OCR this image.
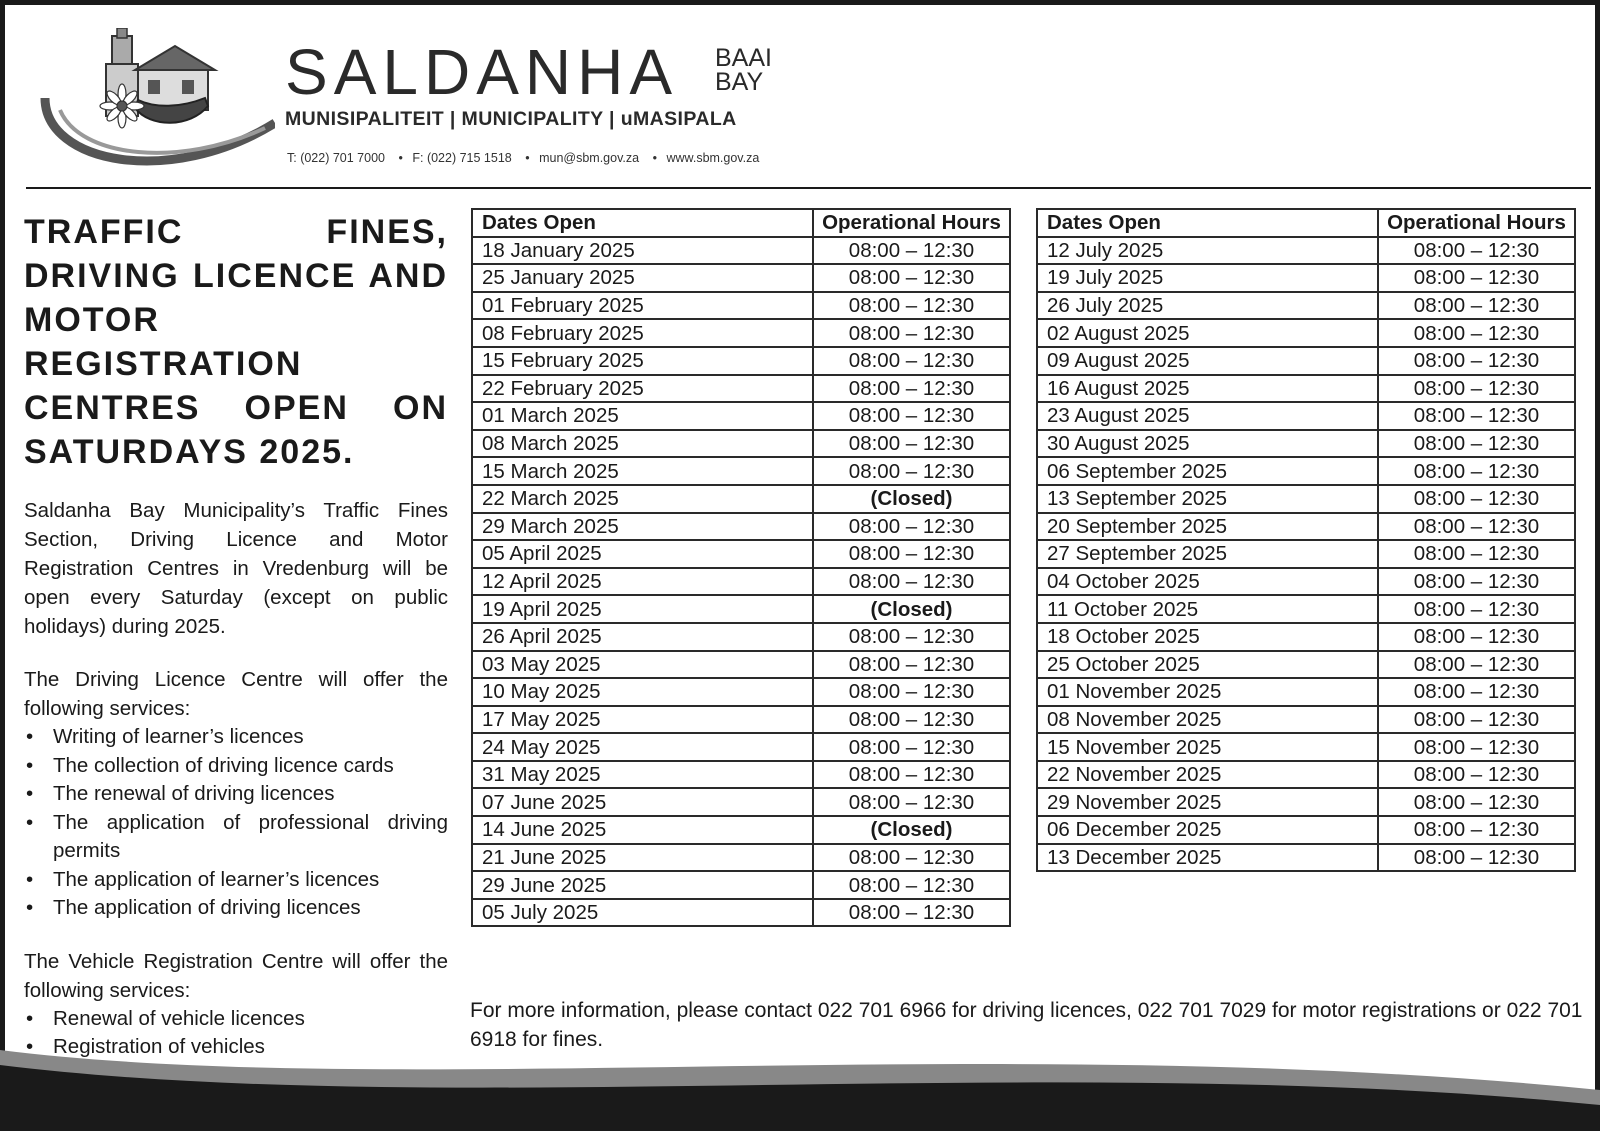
SALDANHA BAAI
BAY
MUNISIPALITEIT | MUNICIPALITY | uMASIPALA
T: (022) 701 7000 • F: (022) 715 1518 • mun@sbm.gov.za • www.sbm.gov.za
TRAFFIC FINES, DRIVING LICENCE AND MOTOR REGISTRATION CENTRES OPEN ON SATURDAYS 2025.

Saldanha Bay Municipality’s Traffic Fines Section, Driving Licence and Motor Registration Centres in Vredenburg will be open every Saturday (except on public holidays) during 2025.

The Driving Licence Centre will offer the following services:

• Writing of learner’s licences
• The collection of driving licence cards
• The renewal of driving licences
• The application of professional driving permits
• The application of learner’s licences
• The application of driving licences

The Vehicle Registration Centre will offer the following services:

• Renewal of vehicle licences
• Registration of vehicles
Dates Open	Operational Hours
18 January 2025	08:00 – 12:30
25 January 2025	08:00 – 12:30
01 February 2025	08:00 – 12:30
08 February 2025	08:00 – 12:30
15 February 2025	08:00 – 12:30
22 February 2025	08:00 – 12:30
01 March 2025	08:00 – 12:30
08 March 2025	08:00 – 12:30
15 March 2025	08:00 – 12:30
22 March 2025	(Closed)
29 March 2025	08:00 – 12:30
05 April 2025	08:00 – 12:30
12 April 2025	08:00 – 12:30
19 April 2025	(Closed)
26 April 2025	08:00 – 12:30
03 May 2025	08:00 – 12:30
10 May 2025	08:00 – 12:30
17 May 2025	08:00 – 12:30
24 May 2025	08:00 – 12:30
31 May 2025	08:00 – 12:30
07 June 2025	08:00 – 12:30
14 June 2025	(Closed)
21 June 2025	08:00 – 12:30
29 June 2025	08:00 – 12:30
05 July 2025	08:00 – 12:30
Dates Open	Operational Hours
12 July 2025	08:00 – 12:30
19 July 2025	08:00 – 12:30
26 July 2025	08:00 – 12:30
02 August 2025	08:00 – 12:30
09 August 2025	08:00 – 12:30
16 August 2025	08:00 – 12:30
23 August 2025	08:00 – 12:30
30 August 2025	08:00 – 12:30
06 September 2025	08:00 – 12:30
13 September 2025	08:00 – 12:30
20 September 2025	08:00 – 12:30
27 September 2025	08:00 – 12:30
04 October 2025	08:00 – 12:30
11 October 2025	08:00 – 12:30
18 October 2025	08:00 – 12:30
25 October 2025	08:00 – 12:30
01 November 2025	08:00 – 12:30
08 November 2025	08:00 – 12:30
15 November 2025	08:00 – 12:30
22 November 2025	08:00 – 12:30
29 November 2025	08:00 – 12:30
06 December 2025	08:00 – 12:30
13 December 2025	08:00 – 12:30
For more information, please contact 022 701 6966 for driving licences, 022 701 7029 for motor registrations or 022 701 6918 for fines.
